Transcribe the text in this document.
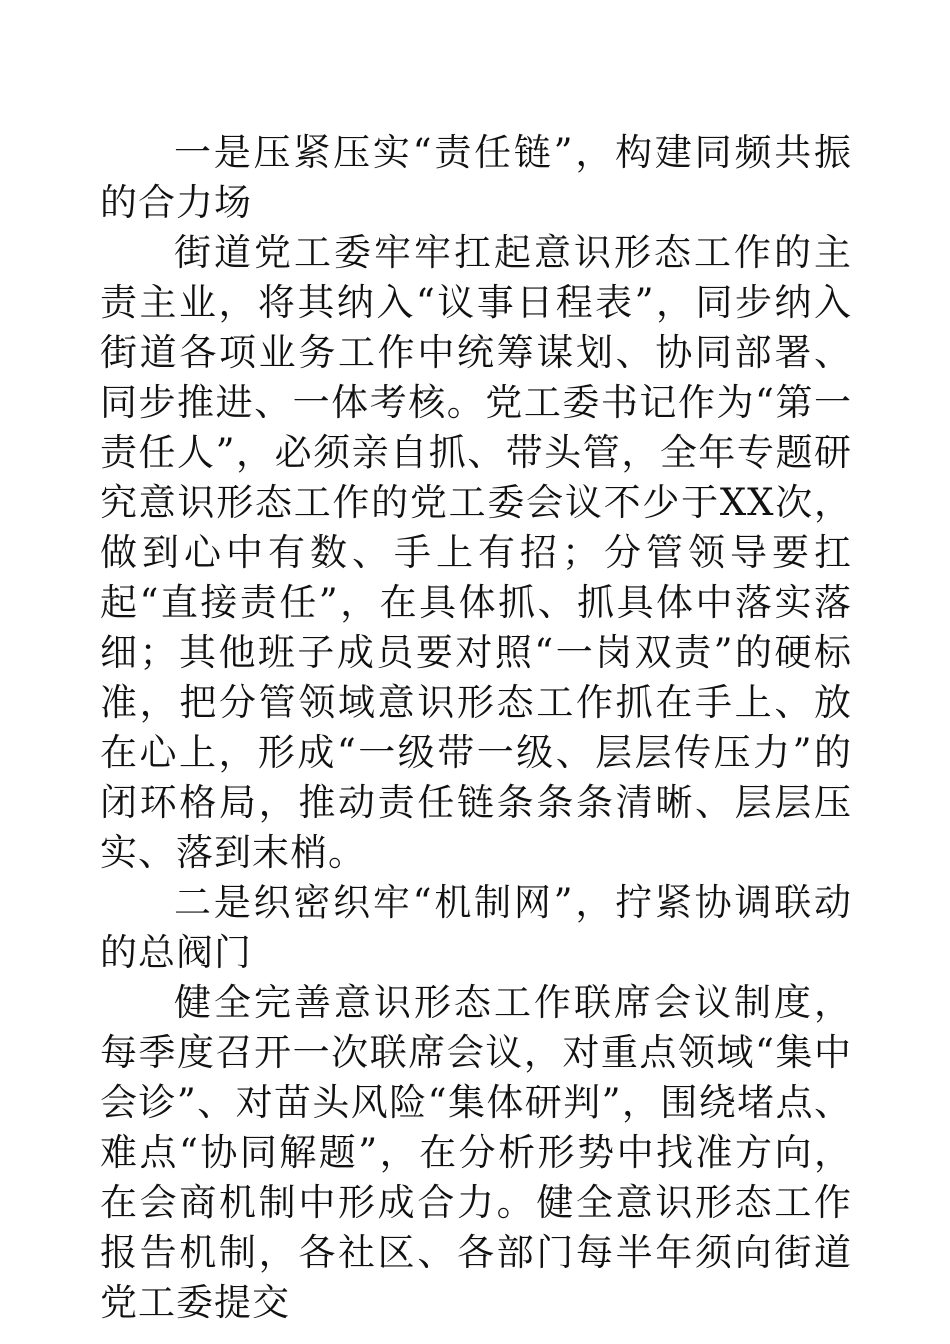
一是压紧压实“责任链”，构建同频共振的合力场

街道党工委牢牢扛起意识形态工作的主责主业，将其纳入“议事日程表”，同步纳入街道各项业务工作中统筹谋划、协同部署、同步推进、一体考核。党工委书记作为“第一责任人”，必须亲自抓、带头管，全年专题研究意识形态工作的党工委会议不少于XX次，做到心中有数、手上有招；分管领导要扛起“直接责任”，在具体抓、抓具体中落实落细；其他班子成员要对照“一岗双责”的硬标准，把分管领域意识形态工作抓在手上、放在心上，形成“一级带一级、层层传压力”的闭环格局，推动责任链条条条清晰、层层压实、落到末梢。

二是织密织牢“机制网”，拧紧协调联动的总阀门

健全完善意识形态工作联席会议制度，每季度召开一次联席会议，对重点领域“集中会诊”、对苗头风险“集体研判”，围绕堵点、难点“协同解题”，在分析形势中找准方向，在会商机制中形成合力。健全意识形态工作报告机制，各社区、各部门每半年须向街道党工委提交
